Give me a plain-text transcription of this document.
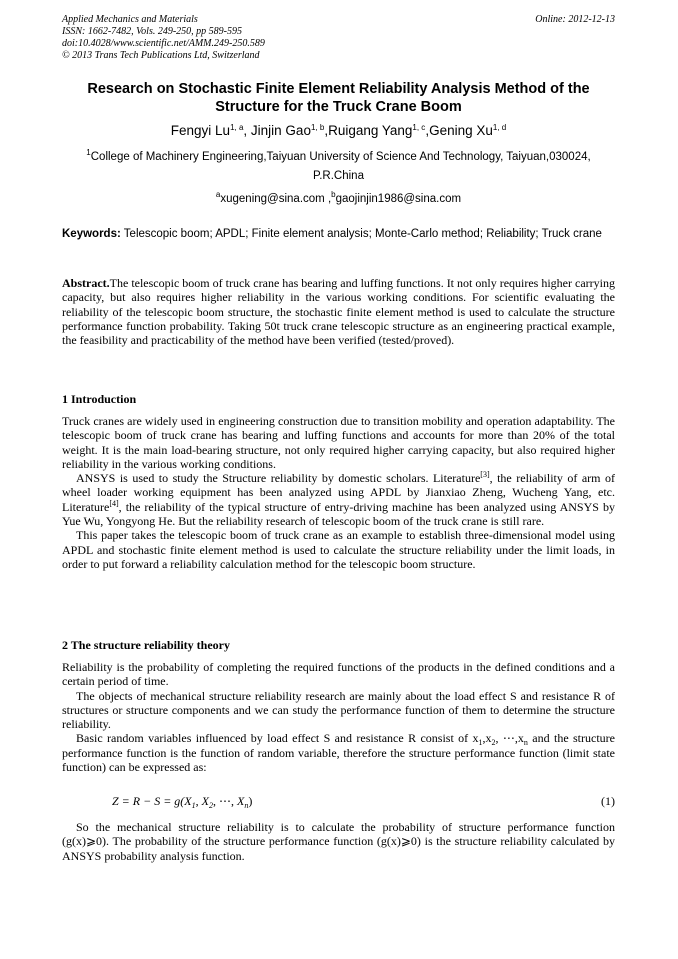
Applied Mechanics and Materials
ISSN: 1662-7482, Vols. 249-250, pp 589-595
doi:10.4028/www.scientific.net/AMM.249-250.589
© 2013 Trans Tech Publications Ltd, Switzerland
Online: 2012-12-13
Research on Stochastic Finite Element Reliability Analysis Method of the Structure for the Truck Crane Boom
Fengyi Lu$^{1, a}$, Jinjin Gao$^{1, b}$,Ruigang Yang$^{1, c}$,Gening Xu$^{1, d}$
$^1$College of Machinery Engineering,Taiyuan University of Science And Technology, Taiyuan,030024, P.R.China
$^a$xugening@sina.com ,$^b$gaojinjin1986@sina.com
Keywords: Telescopic boom; APDL; Finite element analysis; Monte-Carlo method; Reliability; Truck crane

Abstract.The telescopic boom of truck crane has bearing and luffing functions. It not only requires higher carrying capacity, but also requires higher reliability in the various working conditions. For scientific evaluating the reliability of the telescopic boom structure, the stochastic finite element method is used to calculate the structure performance function probability. Taking 50t truck crane telescopic structure as an engineering practical example, the feasibility and practicability of the method have been verified (tested/proved).

1 Introduction

Truck cranes are widely used in engineering construction due to transition mobility and operation adaptability. The telescopic boom of truck crane has bearing and luffing functions and accounts for more than 20% of the total weight. It is the main load-bearing structure, not only required higher carrying capacity, but also required higher reliability in the various working conditions.

ANSYS is used to study the Structure reliability by domestic scholars. Literature[3], the reliability of arm of wheel loader working equipment has been analyzed using APDL by Jianxiao Zheng, Wucheng Yang, etc. Literature[4], the reliability of the typical structure of entry-driving machine has been analyzed using ANSYS by Yue Wu, Yongyong He. But the reliability research of telescopic boom of the truck crane is still rare.

This paper takes the telescopic boom of truck crane as an example to establish three-dimensional model using APDL and stochastic finite element method is used to calculate the structure reliability under the limit loads, in order to put forward a reliability calculation method for the telescopic boom structure.

2 The structure reliability theory

Reliability is the probability of completing the required functions of the products in the defined conditions and a certain period of time.

The objects of mechanical structure reliability research are mainly about the load effect S and resistance R of structures or structure components and we can study the performance function of them to determine the structure reliability.

Basic random variables influenced by load effect S and resistance R consist of $x_1,x_2$, $\cdots,x_n$ and the structure performance function is the function of random variable, therefore the structure performance function (limit state function) can be expressed as:

$Z = R - S = g(X_1$, $X_2$, ⋯, $X_n$)	(1)

So the mechanical structure reliability is to calculate the probability of structure performance function (g(x)⩾0). The probability of the structure performance function (g(x)⩾0) is the structure reliability calculated by ANSYS probability analysis function.
